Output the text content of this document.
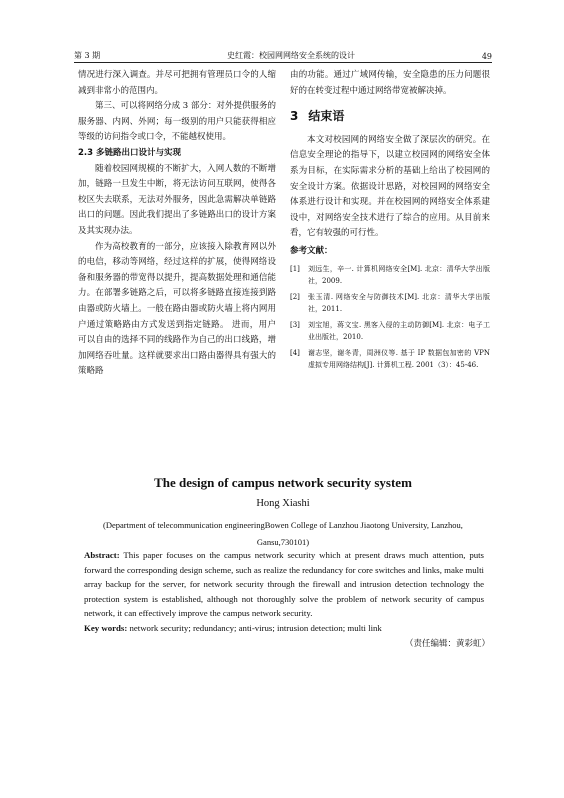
第 3 期	史红霞：校园网网络安全系统的设计	49

情况进行深入调查。并尽可把拥有管理员口令的人缩减到非常小的范围内。

第三、可以将网络分成 3 部分：对外提供服务的服务器、内网、外网；每一级别的用户只能获得相应等级的访问指令或口令，不能越权使用。

2.3 多链路出口设计与实现

随着校园网规模的不断扩大，入网人数的不断增加，链路一旦发生中断，将无法访问互联网，使得各校区失去联系，无法对外服务，因此急需解决单链路出口的问题。因此我们提出了多链路出口的设计方案及其实现办法。

作为高校教育的一部分，应该接入除教育网以外的电信，移动等网络，经过这样的扩展，使得网络设备和服务器的带宽得以提升，提高数据处理和通信能力。在部署多链路之后，可以将多链路直接连接到路由器或防火墙上。一般在路由器或防火墙上将内网用户通过策略路由方式发送到指定链路。 进而，用户可以自由的选择不同的线路作为自己的出口线路，增加网络吞吐量。这样就要求出口路由器得具有强大的策略路

由的功能。通过广域网传输，安全隐患的压力问题很好的在转变过程中通过网络带宽被解决掉。

3 结束语

本文对校园网的网络安全做了深层次的研究。在信息安全理论的指导下，以建立校园网的网络安全体系为目标，在实际需求分析的基础上给出了校园网的安全设计方案。依据设计思路，对校园网的网络安全体系进行设计和实现。并在校园网的网络安全体系建设中，对网络安全技术进行了综合的应用。从目前来看，它有较强的可行性。

参考文献：
[1]	刘远生，辛一. 计算机网络安全[M]. 北京：清华大学出版社，2009.
[2]	张玉清. 网络安全与防御技术[M]. 北京：清华大学出版社，2011.
[3]	刘宝旭，蒋文宝. 黑客入侵的主动防御[M]. 北京：电子工业出版社，2010.
[4]	谢志坚，谢冬青，周洲仪等. 基于 IP 数据包加密的 VPN 虚拟专用网络结构[J]. 计算机工程. 2001（3）：45-46.
The design of campus network security system
Hong Xiashi
(Department of telecommunication engineeringBowen College of Lanzhou Jiaotong University, Lanzhou,
Gansu,730101)

Abstract: This paper focuses on the campus network security which at present draws much attention, puts forward the corresponding design scheme, such as realize the redundancy for core switches and links, make multi array backup for the server, for network security through the firewall and intrusion detection technology the protection system is established, although not thoroughly solve the problem of network security of campus network, it can effectively improve the campus network security.

Key words: network security; redundancy; anti-virus; intrusion detection; multi link

（责任编辑：黄彩虹）
